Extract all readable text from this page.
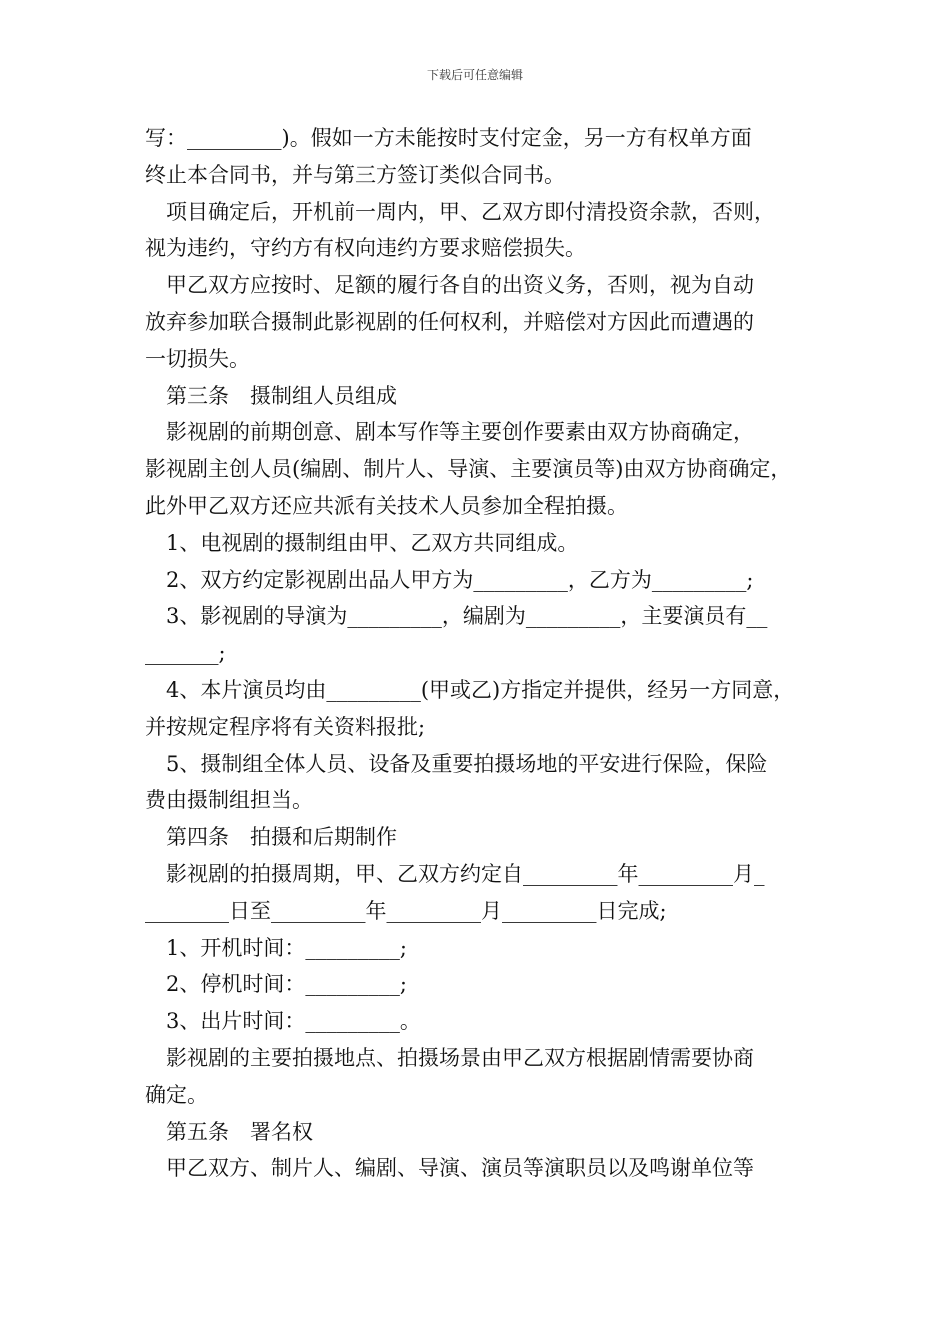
下载后可任意编辑

写：_________)。假如一方未能按时支付定金，另一方有权单方面

终止本合同书，并与第三方签订类似合同书。

项目确定后，开机前一周内，甲、乙双方即付清投资余款，否则，

视为违约，守约方有权向违约方要求赔偿损失。

甲乙双方应按时、足额的履行各自的出资义务，否则，视为自动

放弃参加联合摄制此影视剧的任何权利，并赔偿对方因此而遭遇的

一切损失。

第三条　摄制组人员组成

影视剧的前期创意、剧本写作等主要创作要素由双方协商确定，

影视剧主创人员(编剧、制片人、导演、主要演员等)由双方协商确定，

此外甲乙双方还应共派有关技术人员参加全程拍摄。

1、电视剧的摄制组由甲、乙双方共同组成。

2、双方约定影视剧出品人甲方为_________，乙方为_________;

3、影视剧的导演为_________，编剧为_________，主要演员有__

_______;

4、本片演员均由_________(甲或乙)方指定并提供，经另一方同意，

并按规定程序将有关资料报批;

5、摄制组全体人员、设备及重要拍摄场地的平安进行保险，保险

费由摄制组担当。

第四条　拍摄和后期制作

影视剧的拍摄周期，甲、乙双方约定自_________年_________月_

________日至_________年_________月_________日完成;

1、开机时间：_________;

2、停机时间：_________;

3、出片时间：_________。

影视剧的主要拍摄地点、拍摄场景由甲乙双方根据剧情需要协商

确定。

第五条　署名权

甲乙双方、制片人、编剧、导演、演员等演职员以及鸣谢单位等
